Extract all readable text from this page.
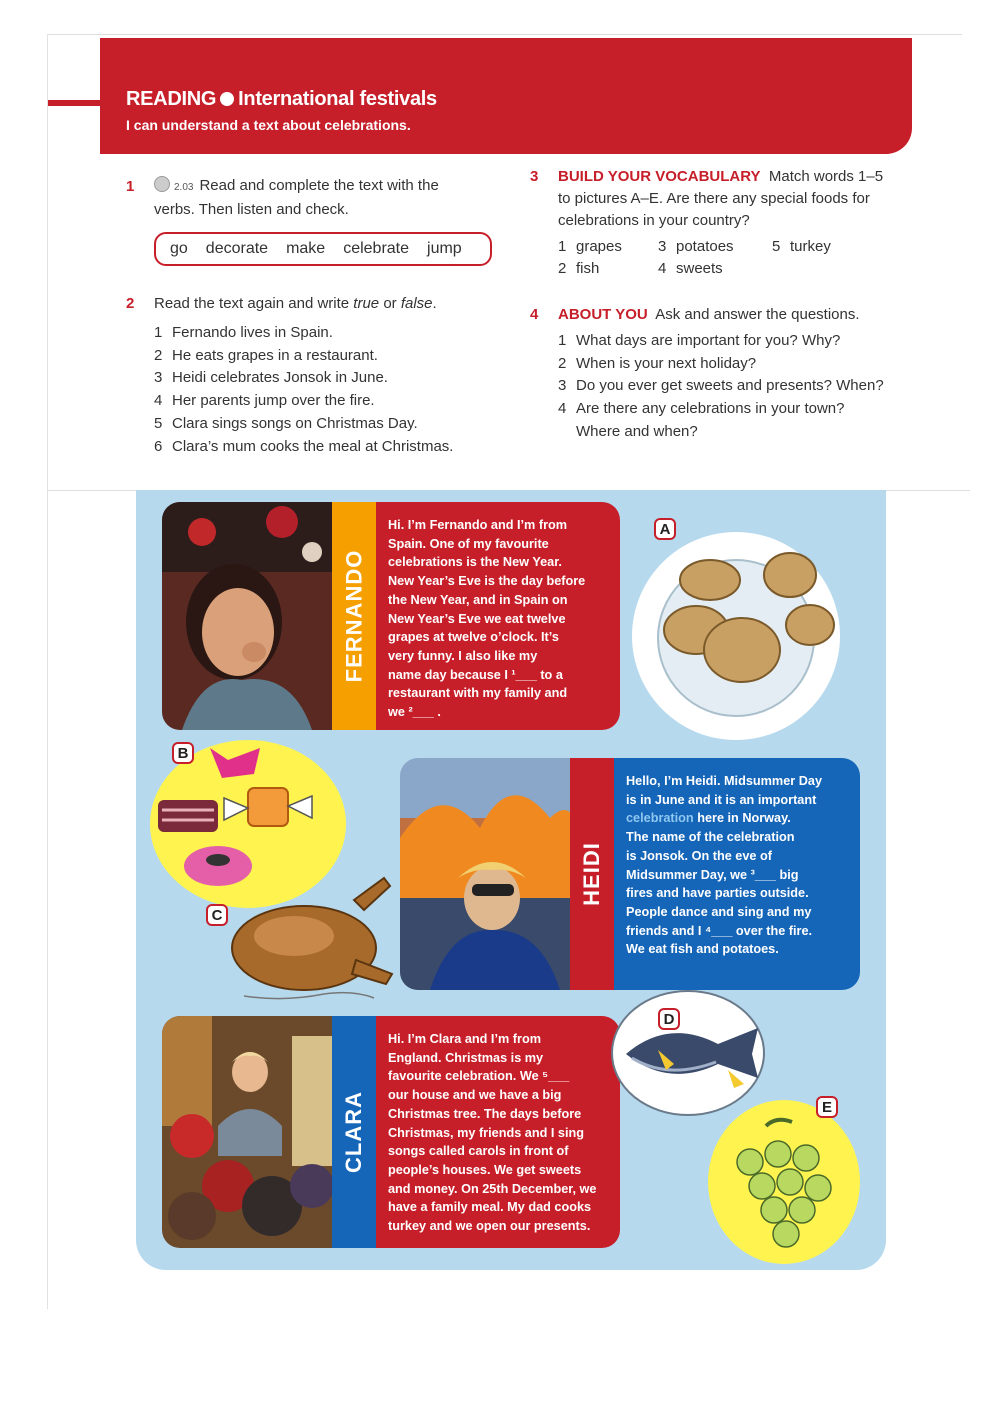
READING International festivals
I can understand a text about celebrations.
1	2.03 Read and complete the text with the
verbs. Then listen and check.
go decorate make celebrate jump
2 Read the text again and write true or false.
1 Fernando lives in Spain.
2 He eats grapes in a restaurant.
3 Heidi celebrates Jonsok in June.
4 Her parents jump over the fire.
5 Clara sings songs on Christmas Day.
6 Clara’s mum cooks the meal at Christmas.
3 BUILD YOUR VOCABULARY Match words 1–5
to pictures A–E. Are there any special foods for
celebrations in your country?
1 grapes 3 potatoes	5 turkey
2 fish	4 sweets
4 ABOUT YOU Ask and answer the questions.
1 What days are important for you? Why?
2 When is your next holiday?
3 Do you ever get sweets and presents? When?
4 Are there any celebrations in your town?
Where and when?
FERNANDO
Hi. I’m Fernando and I’m from
Spain. One of my favourite
celebrations is the New Year.
New Year’s Eve is the day before
the New Year, and in Spain on
New Year’s Eve we eat twelve
grapes at twelve o’clock. It’s
very funny. I also like my
name day because I ¹___ to a
restaurant with my family and
we ²___ .
A
B
HEIDI
Hello, I’m Heidi. Midsummer Day
is in June and it is an important
celebration here in Norway.
The name of the celebration
is Jonsok. On the eve of
Midsummer Day, we ³___ big
fires and have parties outside.
People dance and sing and my
friends and I ⁴___ over the fire.
We eat fish and potatoes.
C
CLARA
Hi. I’m Clara and I’m from
England. Christmas is my
favourite celebration. We ⁵___
our house and we have a big
Christmas tree. The days before
Christmas, my friends and I sing
songs called carols in front of
people’s houses. We get sweets
and money. On 25th December, we
have a family meal. My dad cooks
turkey and we open our presents.
D
E
